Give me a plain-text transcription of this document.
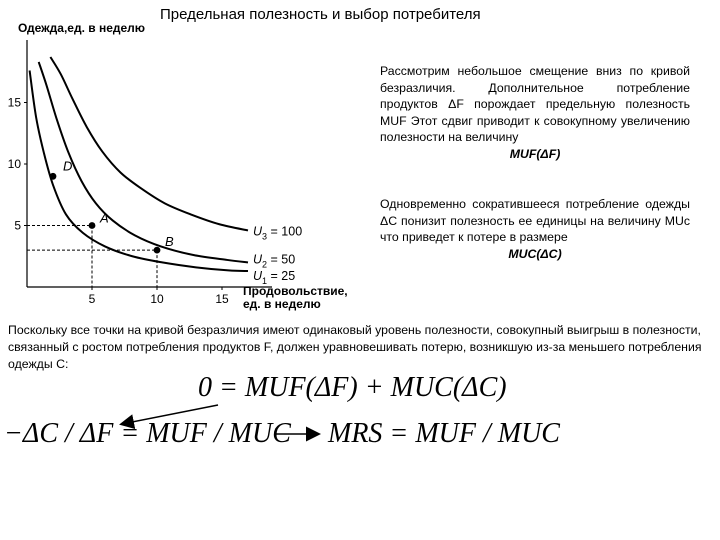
Предельная полезность и выбор потребителя
Одежда,ед. в неделю
5
10
15
5	10	15
$U_3 = 100$
$U_2 = 50$
$U_1 = 25$
D
A
B
Продовольствие,
ед. в неделю
Рассмотрим небольшое смещение вниз по кривой безразличия. Дополнительное потребление продуктов ΔF порождает предельную полезность MUF Этот сдвиг приводит к совокупному увеличению полезности на величину
MUF(ΔF)
Одновременно сократившееся потребление одежды ΔC понизит полезность ее единицы на величину MUc что приведет к потере в размере
MUC(ΔC)
Поскольку все точки на кривой безразличия имеют одинаковый уровень полезности, совокупный выигрыш в полезности, связанный с ростом потребления продуктов F, должен уравновешивать потерю, возникшую из-за меньшего потребления одежды C:
0 = MUF(ΔF) + MUC(ΔC)
−ΔC / ΔF = MUF / MUC MRS = MUF / MUC
